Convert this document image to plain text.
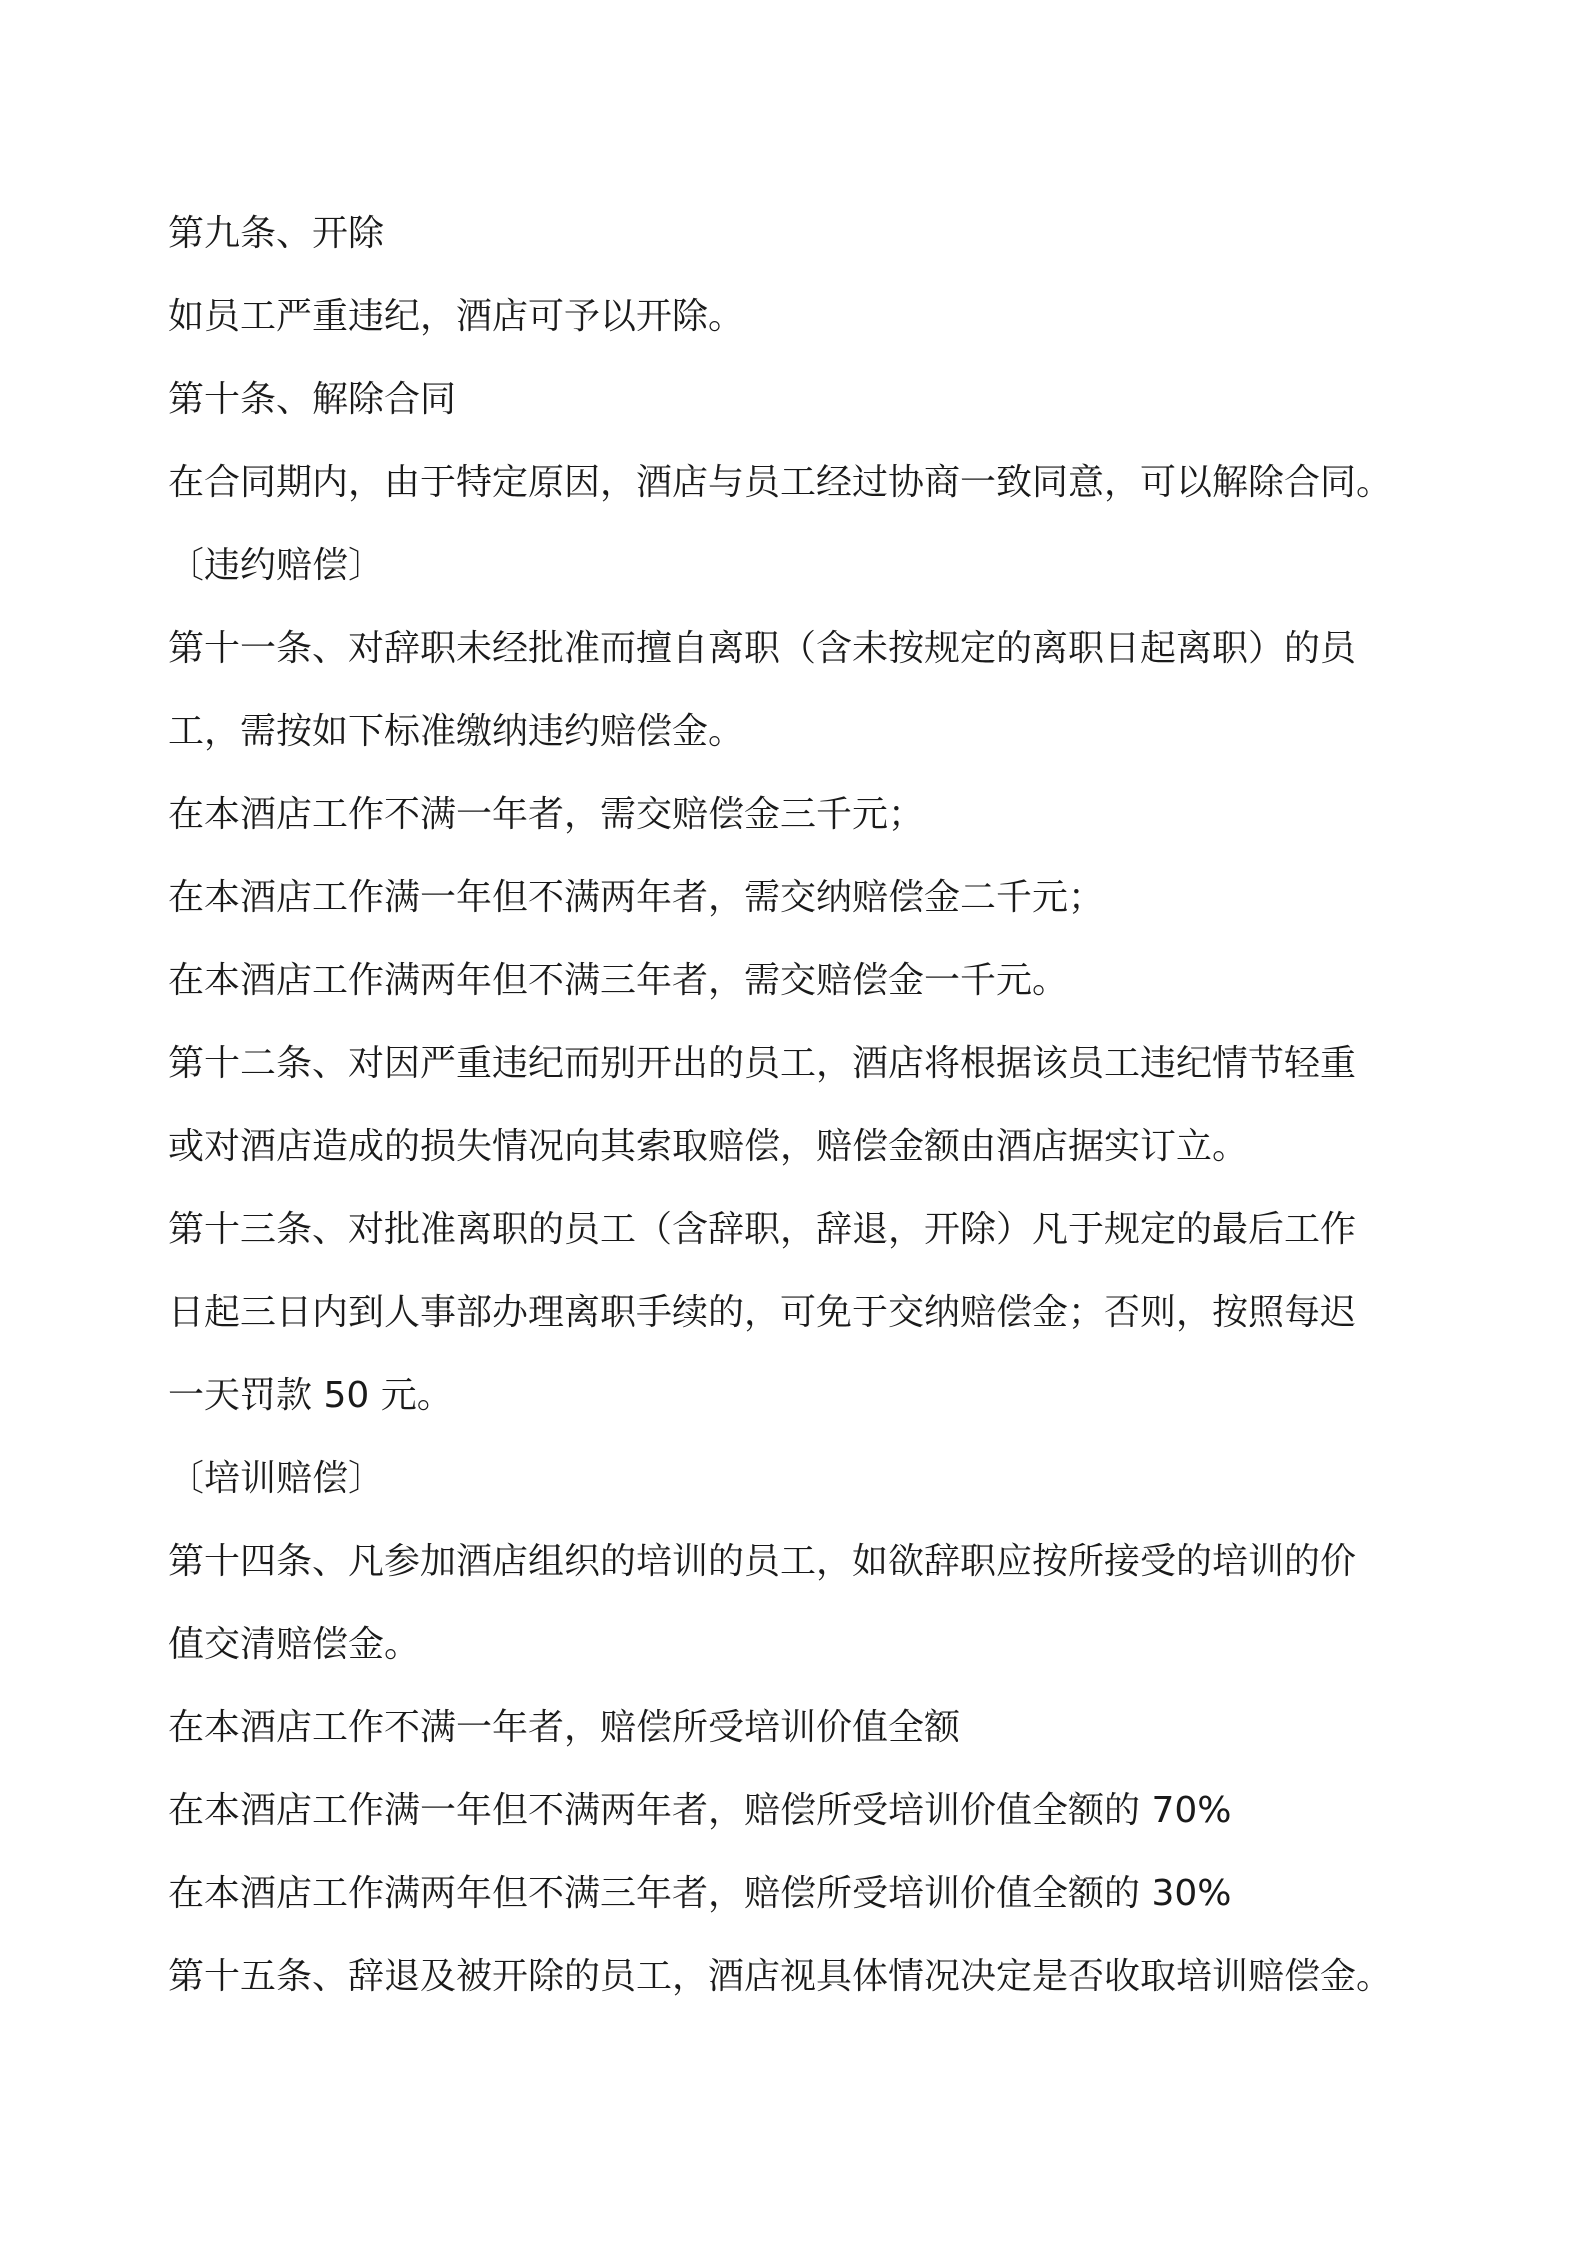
第九条、开除
如员工严重违纪，酒店可予以开除。
第十条、解除合同
在合同期内，由于特定原因，酒店与员工经过协商一致同意，可以解除合同。
〔违约赔偿〕
第十一条、对辞职未经批准而擅自离职（含未按规定的离职日起离职）的员
工，需按如下标准缴纳违约赔偿金。
在本酒店工作不满一年者，需交赔偿金三千元；
在本酒店工作满一年但不满两年者，需交纳赔偿金二千元；
在本酒店工作满两年但不满三年者，需交赔偿金一千元。
第十二条、对因严重违纪而别开出的员工，酒店将根据该员工违纪情节轻重
或对酒店造成的损失情况向其索取赔偿，赔偿金额由酒店据实订立。
第十三条、对批准离职的员工（含辞职，辞退，开除）凡于规定的最后工作
日起三日内到人事部办理离职手续的，可免于交纳赔偿金；否则，按照每迟
一天罚款 50 元。
〔培训赔偿〕
第十四条、凡参加酒店组织的培训的员工，如欲辞职应按所接受的培训的价
值交清赔偿金。
在本酒店工作不满一年者，赔偿所受培训价值全额
在本酒店工作满一年但不满两年者，赔偿所受培训价值全额的 70%
在本酒店工作满两年但不满三年者，赔偿所受培训价值全额的 30%
第十五条、辞退及被开除的员工，酒店视具体情况决定是否收取培训赔偿金。
